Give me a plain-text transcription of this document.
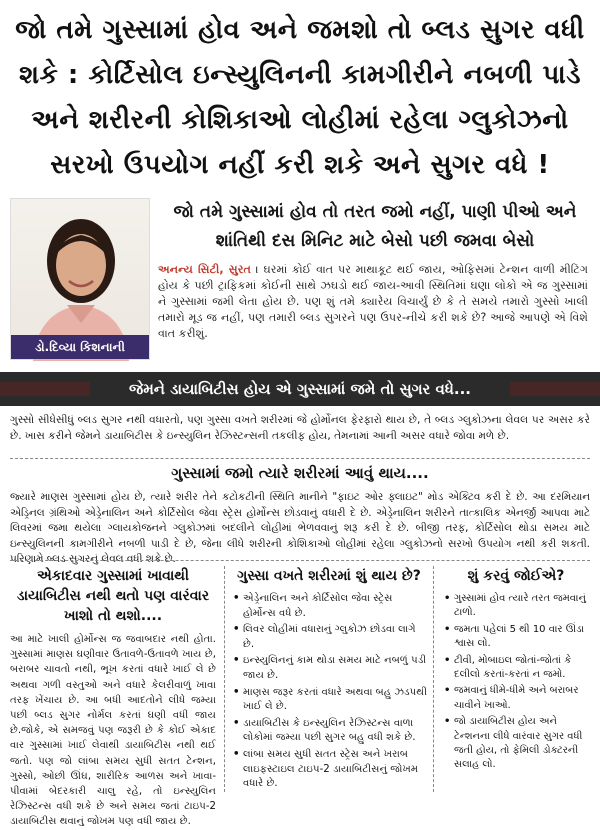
જો તમે ગુસ્સામાં હોવ અને જમશો તો બ્લડ સુગર વધી શકે : કોર્ટિસોલ ઇન્સ્યુલિનની કામગીરીને નબળી પાડે અને શરીરની કોશિકાઓ લોહીમાં રહેલા ગ્લુકોઝનો સરખો ઉપયોગ નહીં કરી શકે અને સુગર વધે !
ડો.દિવ્યા કિશનાની
જો તમે ગુસ્સામાં હોવ તો તરત જમો નહીં, પાણી પીઓ અને શાંતિથી દસ મિનિટ માટે બેસો પછી જમવા બેસો
અનન્ય સિટી, સુરત । ઘરમાં કોઈ વાત પર માથાકૂટ થઈ જાય, ઓફિસમાં ટેન્શન વાળી મીટિંગ હોય કે પછી ટ્રાફિકમાં કોઈની સાથે ઝઘડો થઈ જાય-આવી સ્થિતિમાં ઘણા લોકો એ જ ગુસ્સામાં ને ગુસ્સામાં જમી લેતા હોય છે. પણ શું તમે ક્યારેય વિચાર્યું છે કે તે સમયે તમારો ગુસ્સો ખાલી તમારો મૂડ જ નહીં, પણ તમારી બ્લડ સુગરને પણ ઉપર-નીચે કરી શકે છે? આજે આપણે એ વિશે વાત કરીશું.
જેમને ડાયાબિટીસ હોય એ ગુસ્સામાં જમે તો સુગર વધે...
ગુસ્સો સીધેસીધું બ્લડ સુગર નથી વધારતો, પણ ગુસ્સા વખતે શરીરમાં જે હોર્મોનલ ફેરફારો થાય છે, તે બ્લડ ગ્લુકોઝના લેવલ પર અસર કરે છે. ખાસ કરીને જેમને ડાયાબિટીસ કે ઇન્સ્યુલિન રેઝિસ્ટન્સની તકલીફ હોય, તેમનામાં આની અસર વધારે જોવા મળે છે.
ગુસ્સામાં જમો ત્યારે શરીરમાં આવું થાય....
જ્યારે માણસ ગુસ્સામાં હોય છે, ત્યારે શરીર તેને કટોકટીની સ્થિતિ માનીને "ફાઇટ ઓર ફ્લાઇટ" મોડ એક્ટિવ કરી દે છે. આ દરમિયાન એડ્રિનલ ગ્રંથિઓ એડ્રેનાલિન અને કોર્ટિસોલ જેવા સ્ટ્રેસ હોર્મોન્સ છોડવાનું વધારી દે છે. એડ્રેનાલિન શરીરને તાત્કાલિક એનર્જી આપવા માટે લિવરમાં જમા થયેલા ગ્લાયકોજનને ગ્લુકોઝમાં બદલીને લોહીમાં ભેળવવાનું શરૂ કરી દે છે. બીજી તરફ, કોર્ટિસોલ થોડા સમય માટે ઇન્સ્યુલિનની કામગીરીને નબળી પાડી દે છે, જેના લીધે શરીરની કોશિકાઓ લોહીમાં રહેલા ગ્લુકોઝનો સરખો ઉપયોગ નથી કરી શકતી. પરિણામે બ્લડ સુગરનું લેવલ વધી શકે છે.
એકાદવાર ગુસ્સામાં ખાવાથી ડાયાબિટીસ નથી થતો પણ વારંવાર ખાશો તો થશો....

આ માટે ખાલી હોર્મોન્સ જ જવાબદાર નથી હોતા. ગુસ્સામાં માણસ ઘણીવાર ઉતાવળે-ઉતાવળે ખાય છે, બરાબર ચાવતો નથી, ભૂખ કરતાં વધારે ખાઈ લે છે અથવા ગળી વસ્તુઓ અને વધારે કેલરીવાળું ખાવા તરફ ખેંચાય છે. આ બધી આદતોને લીધે જમ્યા પછી બ્લડ સુગર નોર્મલ કરતાં ઘણી વધી જાય છે.જોકે, એ સમજવું પણ જરૂરી છે કે કોઈ એકાદ વાર ગુસ્સામાં ખાઈ લેવાથી ડાયાબિટીસ નથી થઈ જતો. પણ જો લાંબા સમય સુધી સતત ટેન્શન, ગુસ્સો, ઓછી ઊંઘ, શારીરિક આળસ અને ખાવા-પીવામાં બેદરકારી ચાલુ રહે, તો ઇન્સ્યુલિન રેઝિસ્ટન્સ વધી શકે છે અને સમય જતાં ટાઇપ-2 ડાયાબિટીસ થવાનું જોખમ પણ વધી જાય છે.

ગુસ્સા વખતે શરીરમાં શું થાય છે?
• એડ્રેનાલિન અને કોર્ટિસોલ જેવા સ્ટ્રેસ હોર્મોન્સ વધે છે.
• લિવર લોહીમાં વધારાનું ગ્લુકોઝ છોડવા લાગે છે.
• ઇન્સ્યુલિનનું કામ થોડા સમય માટે નબળું પડી જાય છે.
• માણસ જરૂર કરતાં વધારે અથવા બહુ ઝડપથી ખાઈ લે છે.
• ડાયાબિટીસ કે ઇન્સ્યુલિન રેઝિસ્ટન્સ વાળા લોકોમાં જમ્યા પછી સુગર બહુ વધી શકે છે.
• લાંબા સમય સુધી સતત સ્ટ્રેસ અને ખરાબ લાઇફસ્ટાઇલ ટાઇપ-2 ડાયાબિટીસનું જોખમ વધારે છે.
શું કરવું જોઈએ?
• ગુસ્સામાં હોવ ત્યારે તરત જમવાનું ટાળો.
• જમતા પહેલાં 5 થી 10 વાર ઊંડા શ્વાસ લો.
• ટીવી, મોબાઇલ જોતાં-જોતાં કે દલીલો કરતાં-કરતાં ન જમો.
• જમવાનું ધીમે-ધીમે અને બરાબર ચાવીને ખાઓ.
• જો ડાયાબિટીસ હોય અને ટેન્શનના લીધે વારંવાર સુગર વધી જતી હોય, તો ફેમિલી ડોક્ટરની સલાહ લો.
